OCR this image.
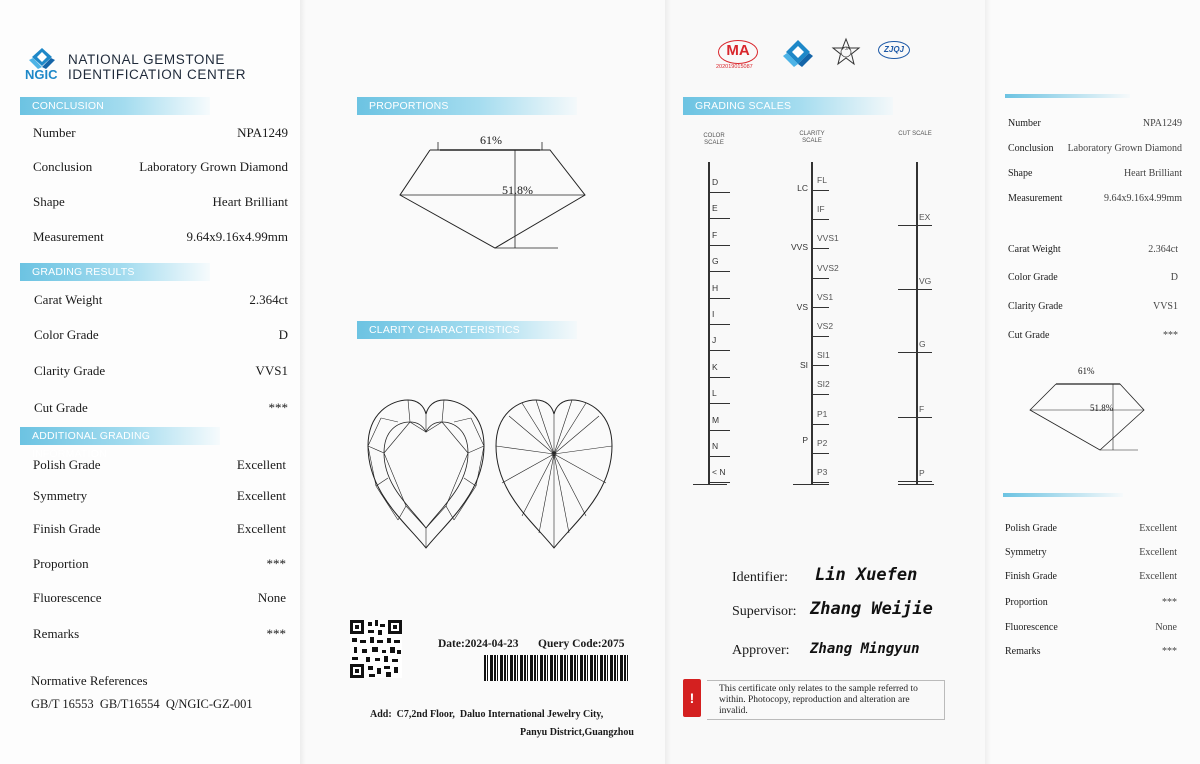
NATIONAL GEMSTONE
IDENTIFICATION CENTER
NGIC
CONCLUSION
Number	NPA1249
Conclusion	Laboratory Grown Diamond
Shape	Heart Brilliant
Measurement	9.64x9.16x4.99mm
GRADING RESULTS
Carat Weight	2.364ct
Color Grade	D
Clarity Grade	VVS1
Cut Grade	***
ADDITIONAL GRADING INFORMATION
Polish Grade	Excellent
Symmetry	Excellent
Finish Grade	Excellent
Proportion	***
Fluorescence	None
Remarks	***
Normative References
GB/T 16553  GB/T16554  Q/NGIC-GZ-001
PROPORTIONS
61%
51.8%
CLARITY CHARACTERISTICS
Date:2024-04-23 Query Code:2075
Add:  C7,2nd Floor,  Daluo International Jewelry City,
Panyu District,Guangzhou
MA
202019015087
FJA	ZJQJ
GRADING SCALES
COLOR SCALE
CLARITY SCALE
CUT SCALE
D
E
F
G
H
I
J
K
L
M
N
< N
LC
VVS
VS
SI
P
FL
IF
VVS1
VVS2
VS1
VS2
SI1
SI2
P1
P2
P3
EX
VG
G
F
P
Identifier: Lin Xuefen
Supervisor: Zhang Weijie
Approver: Zhang Mingyun
!
This certificate only relates to the sample referred to within. Photocopy, reproduction and alteration are invalid.
Number	NPA1249
Conclusion	Laboratory Grown Diamond
Shape	Heart Brilliant
Measurement	9.64x9.16x4.99mm
Carat Weight	2.364ct
Color Grade	D
Clarity Grade	VVS1
Cut Grade	***
61%
51.8%
Polish Grade	Excellent
Symmetry	Excellent
Finish Grade	Excellent
Proportion	***
Fluorescence	None
Remarks	***
